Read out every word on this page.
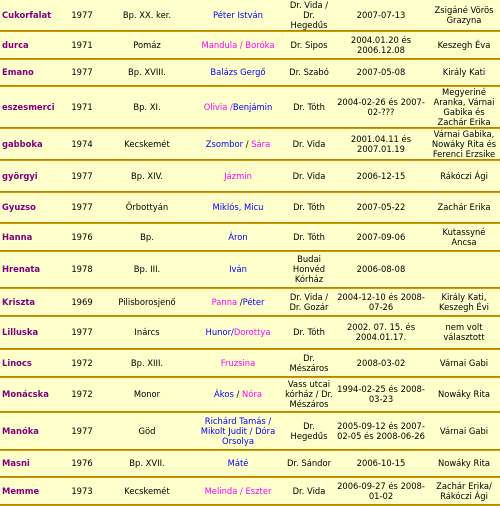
Cukorfalat	1977	Bp. XX. ker.	Péter István	Dr. Vida / Dr. Hegedűs	2007-07-13	Zsigáné Vörös Grazyna

durca	1971	Pomáz	Mandula / Boróka	Dr. Sipos	2004.01.20 és 2006.12.08	Keszegh Éva

Emano	1977	Bp. XVIII.	Balázs Gergő	Dr. Szabó	2007-05-08	Király Kati

eszesmerci	1971	Bp. XI.	Olivia /Benjámin	Dr. Tóth	2004-02-26 és 2007-02-???	Megyeriné Aranka, Várnai Gabika és Zachár Erika

gabboka	1974	Kecskemét	Zsombor / Sára	Dr. Vida	2001.04.11 és 2007.01.19	Várnai Gabika, Nowáky Rita és Ferenci Erzsike

györgyi	1977	Bp. XIV.	Jázmin	Dr. Vida	2006-12-15	Rákóczi Ági

Gyuzso	1977	Őrbottyán	Miklós, Micu	Dr. Tóth	2007-05-22	Zachár Erika

Hanna	1976	Bp.	Áron	Dr. Tóth	2007-09-06	Kutassyné Ancsa

Hrenata	1978	Bp. III.	Iván	Budai Honvéd Kórház	2006-08-08	

Kriszta	1969	Pilisborosjenő	Panna /Péter	Dr. Vida / Dr. Gozár	2004-12-10 és 2008-07-26	Király Kati, Keszegh Évi

Lilluska	1977	Inárcs	Hunor/Dorottya	Dr. Tóth	2002. 07. 15. és 2004.01.17.	nem volt választott

Linocs	1972	Bp. XIII.	Fruzsina	Dr. Mészáros	2008-03-02	Várnai Gabi

Monácska	1972	Monor	Ákos / Nóra	Vass utcai kórház / Dr. Mészáros	1994-02-25 és 2008-03-23	Nowáky Rita

Manóka	1977	Göd	Richárd Tamás / Mikolt Judit / Dóra Orsolya	Dr. Hegedűs	2005-09-12 és 2007-02-05 és 2008-06-26	Várnai Gabi

Masni	1976	Bp. XVII.	Máté	Dr. Sándor	2006-10-15	Nowáky Rita

Memme	1973	Kecskemét	Melinda / Eszter	Dr. Vida	2006-09-27 és 2008-01-02	Zachár Erika/ Rákóczi Ági
